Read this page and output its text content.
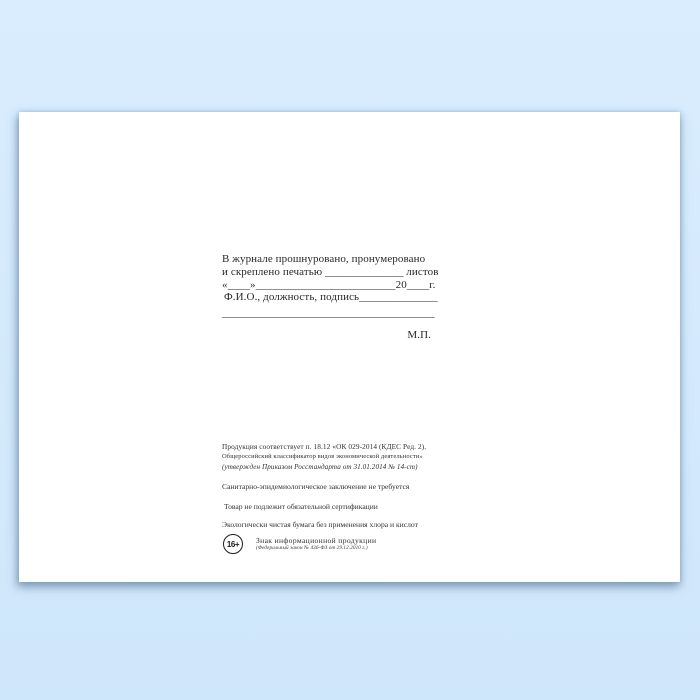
В журнале прошнуровано, пронумеровано
и скреплено печатью ______________ листов
«____»_________________________20____г.
Ф.И.О., должность, подпись______________
______________________________________
М.П.
Продукция соответствует п. 18.12 «ОК 029-2014 (КДЕС Ред. 2).
Общероссийский классификатор видов экономической деятельности»
(утвержден Приказом Росстандарта от 31.01.2014 № 14-ст)
Санитарно-эпидемиологическое заключение не требуется
Товар не подлежит обязательной сертификации
Экологически чистая бумага без применения хлора и кислот
16+	Знак информационной продукции
(Федеральный закон № 436-ФЗ от 29.12.2010 г.)
